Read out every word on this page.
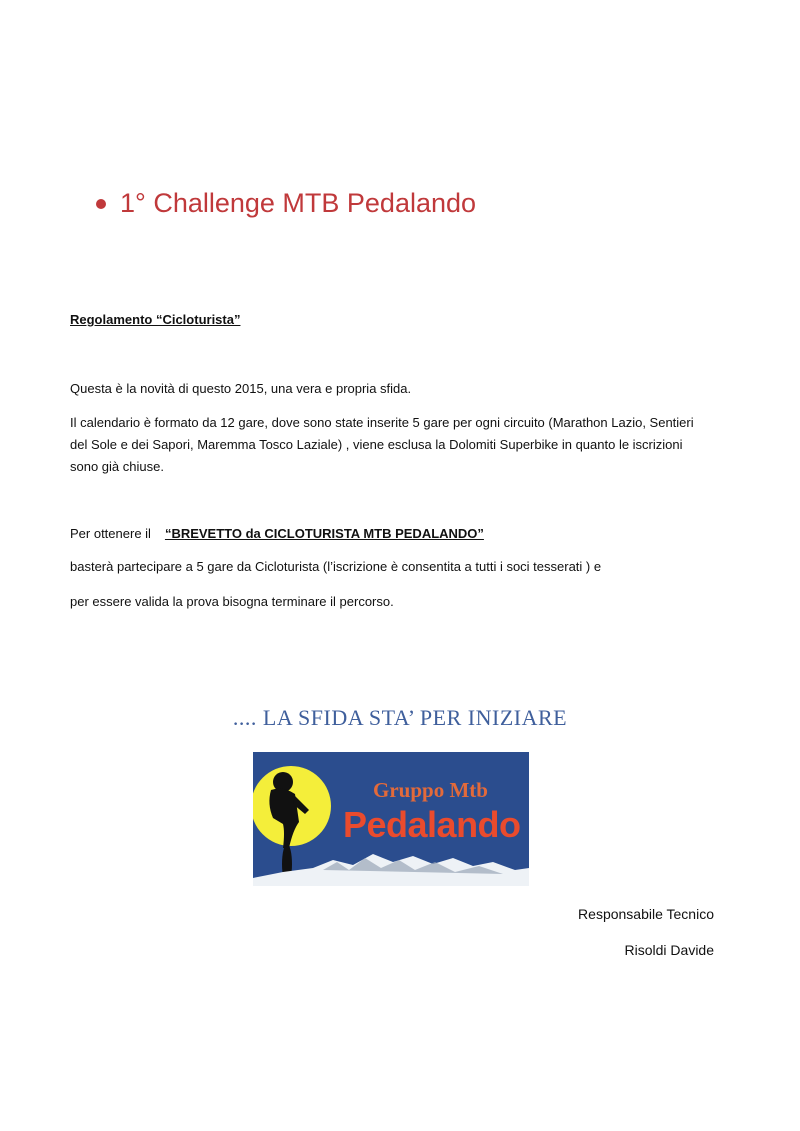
1° Challenge MTB Pedalando
Regolamento “Cicloturista”
Questa è la novità di questo 2015, una vera e propria sfida.
Il calendario è formato da 12 gare, dove sono state inserite 5 gare per ogni circuito (Marathon Lazio, Sentieri del Sole e dei Sapori, Maremma Tosco Laziale) , viene esclusa la Dolomiti Superbike in quanto le iscrizioni sono già chiuse.
Per ottenere il “BREVETTO da CICLOTURISTA MTB PEDALANDO”
basterà partecipare a 5 gare da Cicloturista (l’iscrizione è consentita a tutti i soci tesserati ) e
per essere valida la prova bisogna terminare il percorso.
.... LA SFIDA STA’ PER INIZIARE
Gruppo Mtb
Pedalando
Responsabile Tecnico
Risoldi Davide
